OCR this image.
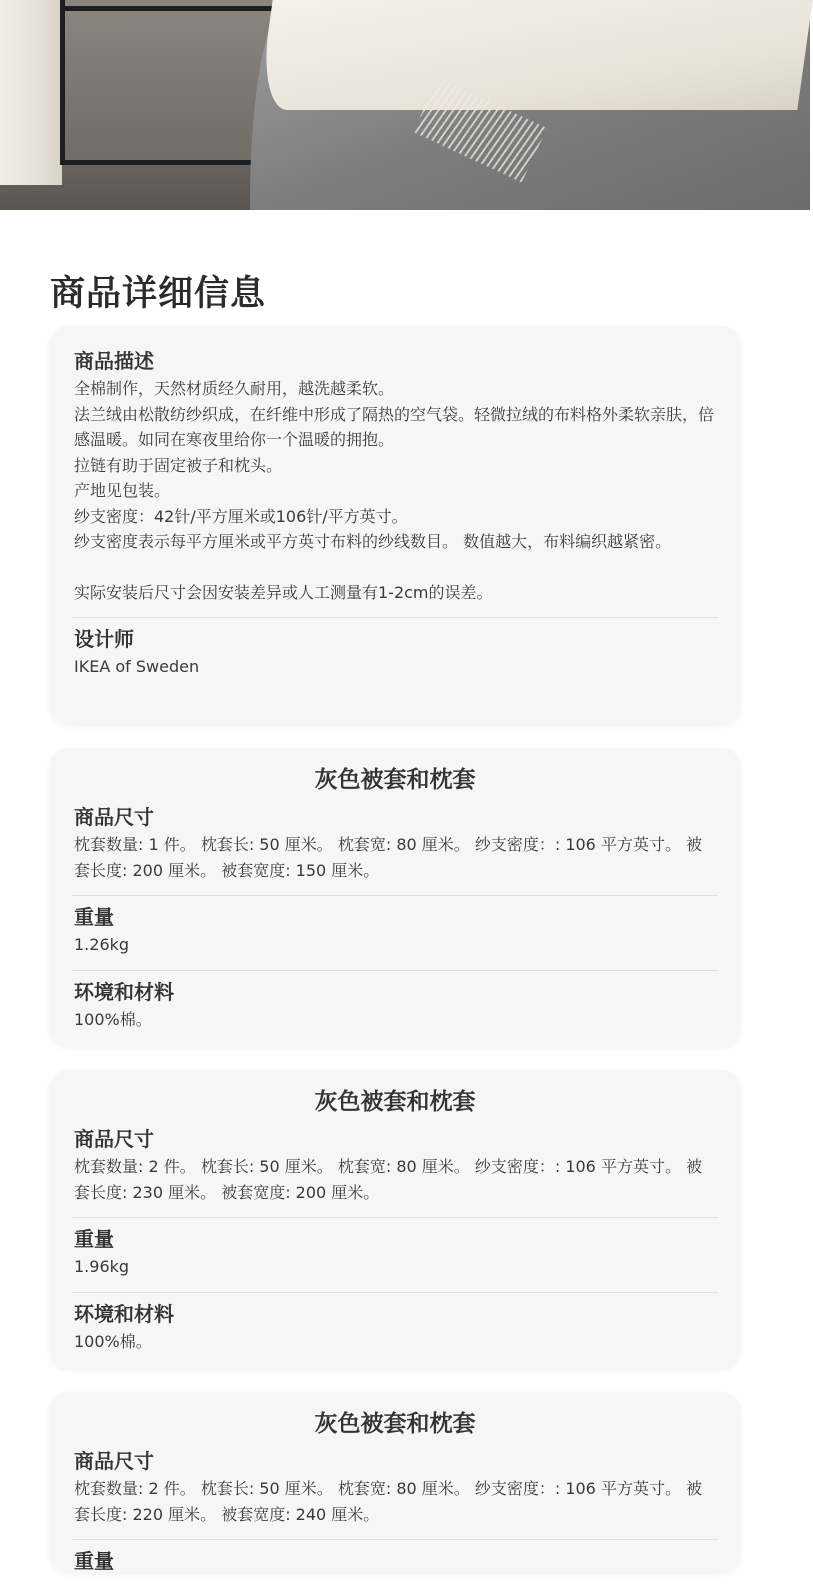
商品详细信息
商品描述

全棉制作，天然材质经久耐用，越洗越柔软。

法兰绒由松散纺纱织成，在纤维中形成了隔热的空气袋。轻微拉绒的布料格外柔软亲肤，倍感温暖。如同在寒夜里给你一个温暖的拥抱。

拉链有助于固定被子和枕头。

产地见包装。

纱支密度：42针/平方厘米或106针/平方英寸。

纱支密度表示每平方厘米或平方英寸布料的纱线数目。 数值越大，布料编织越紧密。

实际安装后尺寸会因安装差异或人工测量有1-2cm的误差。

设计师

IKEA of Sweden

灰色被套和枕套
商品尺寸

枕套数量: 1 件。 枕套长: 50 厘米。 枕套宽: 80 厘米。 纱支密度：: 106 平方英寸。 被套长度: 200 厘米。 被套宽度: 150 厘米。

重量

1.26kg

环境和材料

100%棉。

灰色被套和枕套
商品尺寸

枕套数量: 2 件。 枕套长: 50 厘米。 枕套宽: 80 厘米。 纱支密度：: 106 平方英寸。 被套长度: 230 厘米。 被套宽度: 200 厘米。

重量

1.96kg

环境和材料

100%棉。

灰色被套和枕套
商品尺寸

枕套数量: 2 件。 枕套长: 50 厘米。 枕套宽: 80 厘米。 纱支密度：: 106 平方英寸。 被套长度: 220 厘米。 被套宽度: 240 厘米。

重量
